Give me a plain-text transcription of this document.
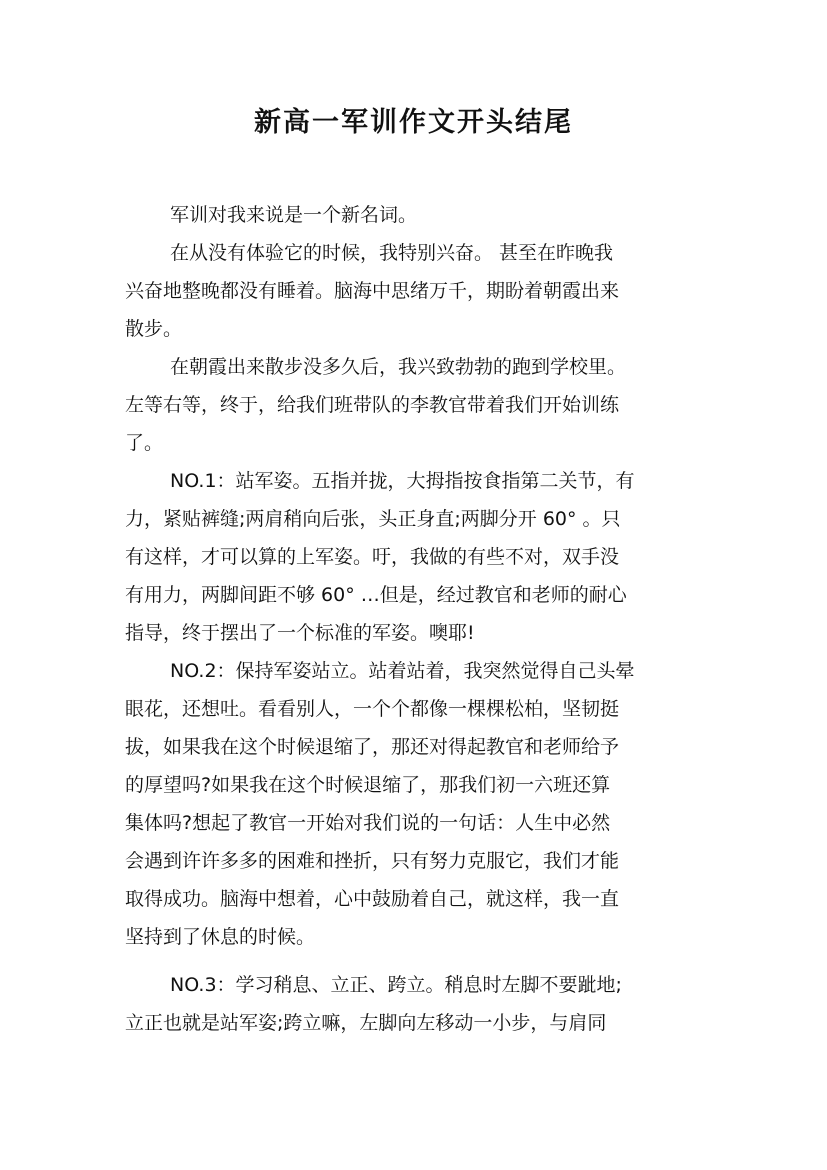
新高一军训作文开头结尾

军训对我来说是一个新名词。

在从没有体验它的时候，我特别兴奋。 甚至在昨晚我

兴奋地整晚都没有睡着。脑海中思绪万千，期盼着朝霞出来

散步。

在朝霞出来散步没多久后，我兴致勃勃的跑到学校里。

左等右等，终于，给我们班带队的李教官带着我们开始训练

了。

NO.1：站军姿。五指并拢，大拇指按食指第二关节，有

力，紧贴裤缝;两肩稍向后张，头正身直;两脚分开 60° 。只

有这样，才可以算的上军姿。吁，我做的有些不对，双手没

有用力，两脚间距不够 60° …但是，经过教官和老师的耐心

指导，终于摆出了一个标准的军姿。噢耶!

NO.2：保持军姿站立。站着站着，我突然觉得自己头晕

眼花，还想吐。看看别人，一个个都像一棵棵松柏，坚韧挺

拔，如果我在这个时候退缩了，那还对得起教官和老师给予

的厚望吗?如果我在这个时候退缩了，那我们初一六班还算

集体吗?想起了教官一开始对我们说的一句话：人生中必然

会遇到许许多多的困难和挫折，只有努力克服它，我们才能

取得成功。脑海中想着，心中鼓励着自己，就这样，我一直

坚持到了休息的时候。

NO.3：学习稍息、立正、跨立。稍息时左脚不要跐地;

立正也就是站军姿;跨立嘛，左脚向左移动一小步，与肩同
